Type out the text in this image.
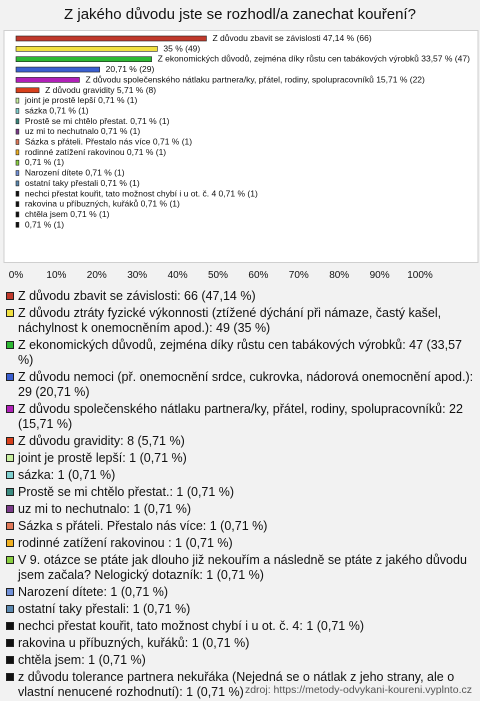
Z jakého důvodu jste se rozhodl/a zanechat kouření?
Z důvodu zbavit se závislosti 47,14 % (66)
35 % (49)
Z ekonomických důvodů, zejména díky růstu cen tabákových výrobků 33,57 % (47)
20,71 % (29)
Z důvodu společenského nátlaku partnera/ky, přátel, rodiny, spolupracovníků 15,71 % (22)
Z důvodu gravidity 5,71 % (8)
joint je prostě lepší 0,71 % (1)
sázka 0,71 % (1)
Prostě se mi chtělo přestat. 0,71 % (1)
uz mi to nechutnalo 0,71 % (1)
Sázka s přáteli. Přestalo nás více 0,71 % (1)
rodinné zatížení rakovinou 0,71 % (1)
0,71 % (1)
Narození dítete 0,71 % (1)
ostatní taky přestali 0,71 % (1)
nechci přestat kouřit, tato možnost chybí i u ot. č. 4 0,71 % (1)
rakovina u příbuzných, kuřáků 0,71 % (1)
chtěla jsem 0,71 % (1)
0,71 % (1)
0% 10% 20% 30% 40% 50% 60% 70% 80% 90% 100%
Z důvodu zbavit se závislosti: 66 (47,14 %)
Z důvodu ztráty fyzické výkonnosti (ztížené dýchání při námaze, častý kašel, náchylnost k onemocněním apod.): 49 (35 %)
Z ekonomických důvodů, zejména díky růstu cen tabákových výrobků: 47 (33,57 %)
Z důvodu nemoci (př. onemocnění srdce, cukrovka, nádorová onemocnění apod.): 29 (20,71 %)
Z důvodu společenského nátlaku partnera/ky, přátel, rodiny, spolupracovníků: 22 (15,71 %)
Z důvodu gravidity: 8 (5,71 %)
joint je prostě lepší: 1 (0,71 %)
sázka: 1 (0,71 %)
Prostě se mi chtělo přestat.: 1 (0,71 %)
uz mi to nechutnalo: 1 (0,71 %)
Sázka s přáteli. Přestalo nás více: 1 (0,71 %)
rodinné zatížení rakovinou : 1 (0,71 %)
V 9. otázce se ptáte jak dlouho již nekouřím a následně se ptáte z jakého důvodu jsem začala? Nelogický dotazník: 1 (0,71 %)
Narození dítete: 1 (0,71 %)
ostatní taky přestali: 1 (0,71 %)
nechci přestat kouřit, tato možnost chybí i u ot. č. 4: 1 (0,71 %)
rakovina u příbuzných, kuřáků: 1 (0,71 %)
chtěla jsem: 1 (0,71 %)
z důvodu tolerance partnera nekuřáka (Nejedná se o nátlak z jeho strany, ale o vlastní nenucené rozhodnutí): 1 (0,71 %) zdroj: https://metody-odvykani-koureni.vyplnto.cz
